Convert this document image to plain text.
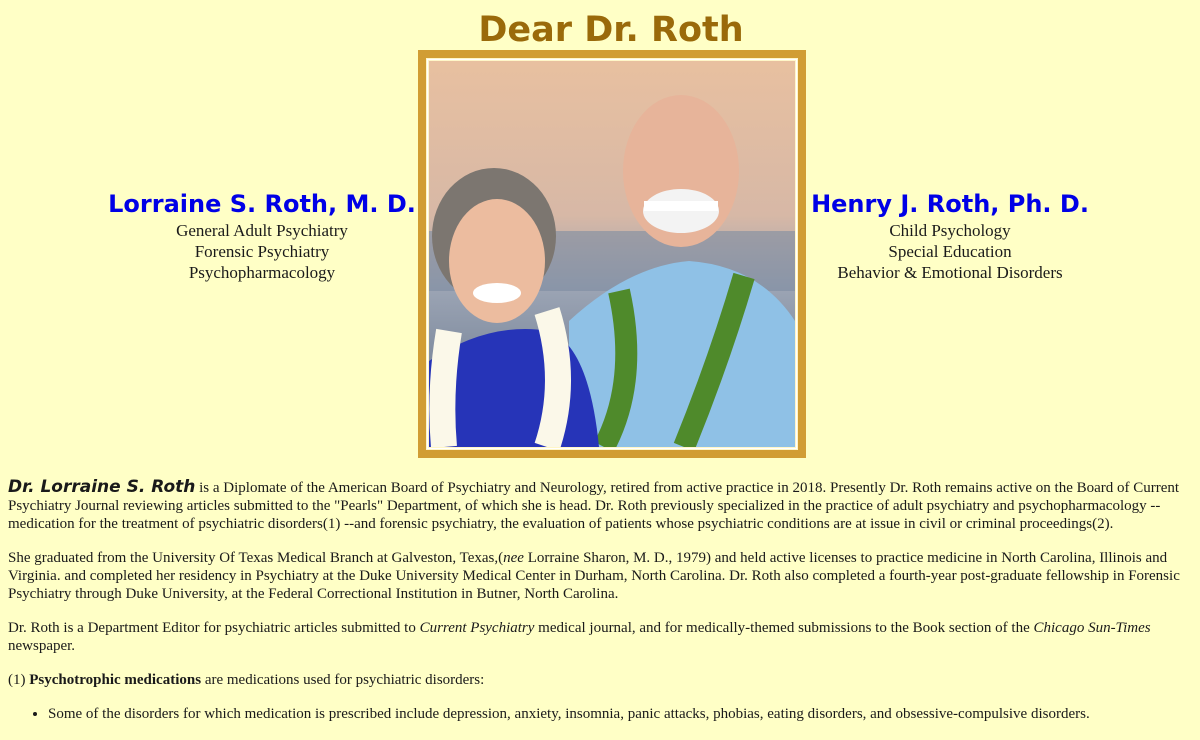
Dear Dr. Roth

Lorraine S. Roth, M. D.

General Adult Psychiatry

Forensic Psychiatry

Psychopharmacology

Henry J. Roth, Ph. D.

Child Psychology

Special Education

Behavior & Emotional Disorders

Dr. Lorraine S. Roth is a Diplomate of the American Board of Psychiatry and Neurology, retired from active practice in 2018. Presently Dr. Roth remains active on the Board of Current Psychiatry Journal reviewing articles submitted to the "Pearls" Department, of which she is head. Dr. Roth previously specialized in the practice of adult psychiatry and psychopharmacology --medication for the treatment of psychiatric disorders(1) --and forensic psychiatry, the evaluation of patients whose psychiatric conditions are at issue in civil or criminal proceedings(2).

She graduated from the University Of Texas Medical Branch at Galveston, Texas,(nee Lorraine Sharon, M. D., 1979) and held active licenses to practice medicine in North Carolina, Illinois and Virginia. and completed her residency in Psychiatry at the Duke University Medical Center in Durham, North Carolina. Dr. Roth also completed a fourth-year post-graduate fellowship in Forensic Psychiatry through Duke University, at the Federal Correctional Institution in Butner, North Carolina.

Dr. Roth is a Department Editor for psychiatric articles submitted to Current Psychiatry medical journal, and for medically-themed submissions to the Book section of the Chicago Sun-Times newspaper.

(1) Psychotrophic medications are medications used for psychiatric disorders:

• Some of the disorders for which medication is prescribed include depression, anxiety, insomnia, panic attacks, phobias, eating disorders, and obsessive-compulsive disorders.
